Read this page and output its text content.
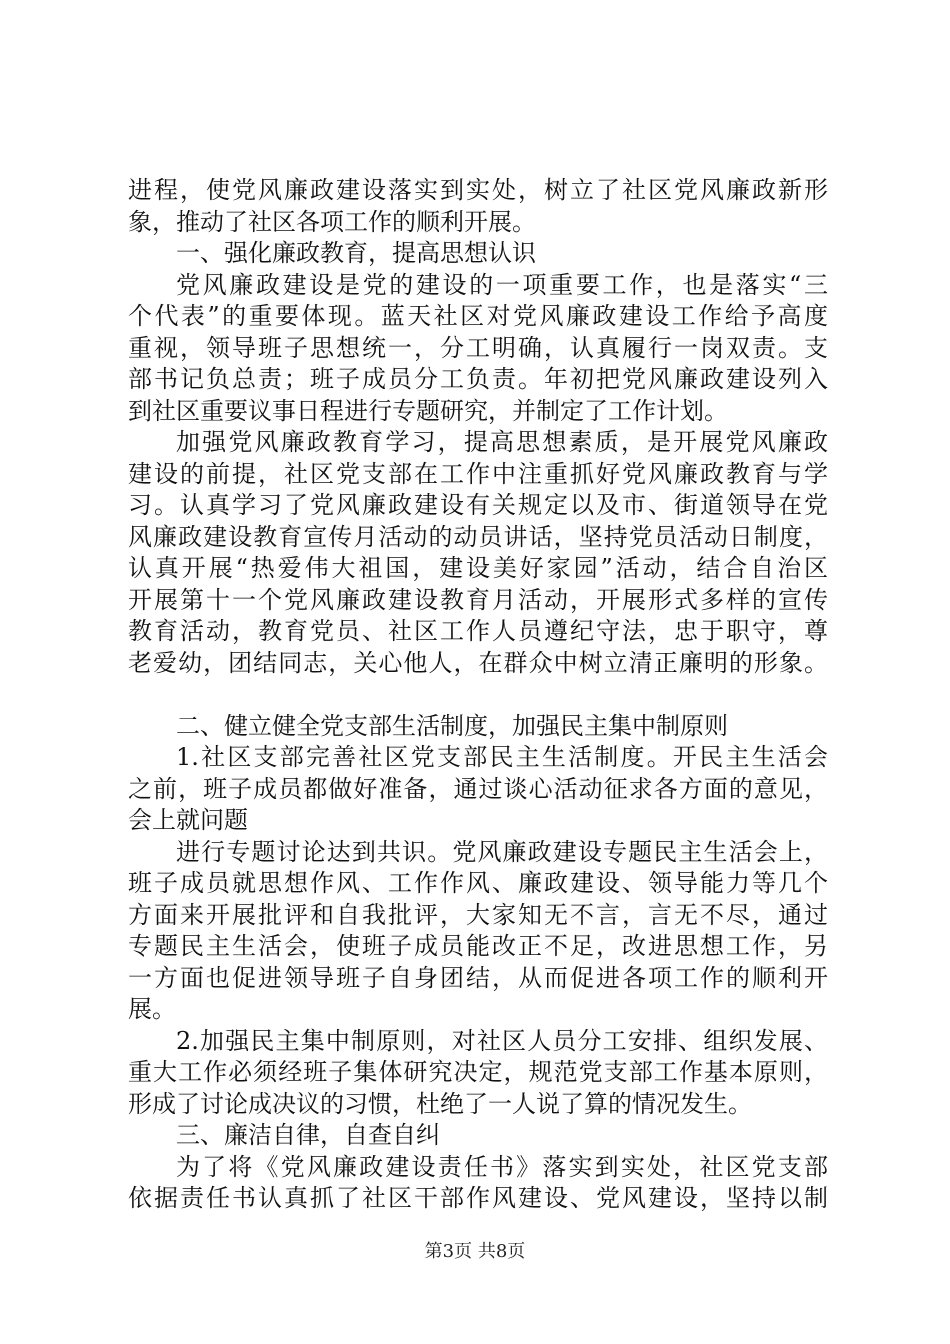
进程，使党风廉政建设落实到实处，树立了社区党风廉政新形
象，推动了社区各项工作的顺利开展。
一、强化廉政教育，提高思想认识
党风廉政建设是党的建设的一项重要工作，也是落实“三
个代表”的重要体现。蓝天社区对党风廉政建设工作给予高度
重视，领导班子思想统一，分工明确，认真履行一岗双责。支
部书记负总责；班子成员分工负责。年初把党风廉政建设列入
到社区重要议事日程进行专题研究，并制定了工作计划。
加强党风廉政教育学习，提高思想素质，是开展党风廉政
建设的前提，社区党支部在工作中注重抓好党风廉政教育与学
习。认真学习了党风廉政建设有关规定以及市、街道领导在党
风廉政建设教育宣传月活动的动员讲话，坚持党员活动日制度，
认真开展“热爱伟大祖国，建设美好家园”活动，结合自治区
开展第十一个党风廉政建设教育月活动，开展形式多样的宣传
教育活动，教育党员、社区工作人员遵纪守法，忠于职守，尊
老爱幼，团结同志，关心他人，在群众中树立清正廉明的形象。
二、健立健全党支部生活制度，加强民主集中制原则
1.社区支部完善社区党支部民主生活制度。开民主生活会
之前，班子成员都做好准备，通过谈心活动征求各方面的意见，
会上就问题
进行专题讨论达到共识。党风廉政建设专题民主生活会上，
班子成员就思想作风、工作作风、廉政建设、领导能力等几个
方面来开展批评和自我批评，大家知无不言，言无不尽，通过
专题民主生活会，使班子成员能改正不足，改进思想工作，另
一方面也促进领导班子自身团结，从而促进各项工作的顺利开
展。
2.加强民主集中制原则，对社区人员分工安排、组织发展、
重大工作必须经班子集体研究决定，规范党支部工作基本原则，
形成了讨论成决议的习惯，杜绝了一人说了算的情况发生。
三、廉洁自律，自查自纠
为了将《党风廉政建设责任书》落实到实处，社区党支部
依据责任书认真抓了社区干部作风建设、党风建设，坚持以制
第3页 共8页
